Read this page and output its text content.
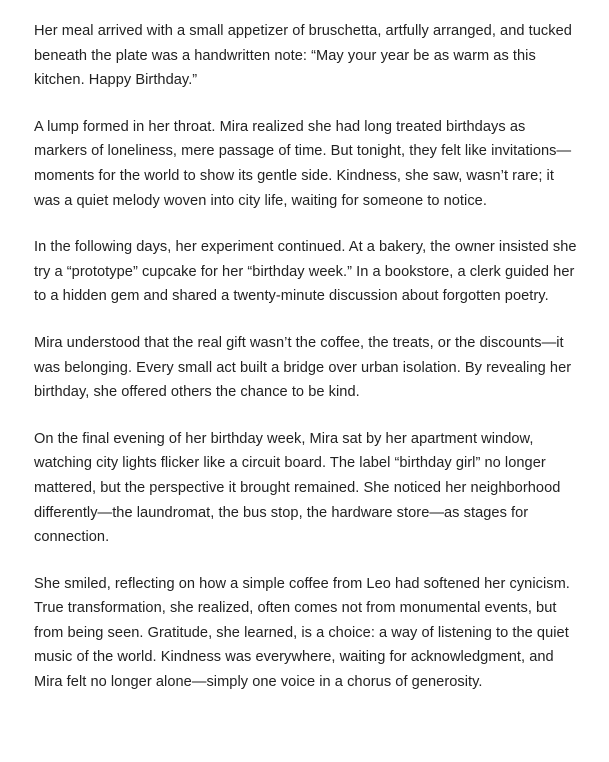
Her meal arrived with a small appetizer of bruschetta, artfully arranged, and tucked beneath the plate was a handwritten note: “May your year be as warm as this kitchen. Happy Birthday.”

A lump formed in her throat. Mira realized she had long treated birthdays as markers of loneliness, mere passage of time. But tonight, they felt like invitations—moments for the world to show its gentle side. Kindness, she saw, wasn’t rare; it was a quiet melody woven into city life, waiting for someone to notice.

In the following days, her experiment continued. At a bakery, the owner insisted she try a “prototype” cupcake for her “birthday week.” In a bookstore, a clerk guided her to a hidden gem and shared a twenty-minute discussion about forgotten poetry.

Mira understood that the real gift wasn’t the coffee, the treats, or the discounts—it was belonging. Every small act built a bridge over urban isolation. By revealing her birthday, she offered others the chance to be kind.

On the final evening of her birthday week, Mira sat by her apartment window, watching city lights flicker like a circuit board. The label “birthday girl” no longer mattered, but the perspective it brought remained. She noticed her neighborhood differently—the laundromat, the bus stop, the hardware store—as stages for connection.

She smiled, reflecting on how a simple coffee from Leo had softened her cynicism. True transformation, she realized, often comes not from monumental events, but from being seen. Gratitude, she learned, is a choice: a way of listening to the quiet music of the world. Kindness was everywhere, waiting for acknowledgment, and Mira felt no longer alone—simply one voice in a chorus of generosity.
